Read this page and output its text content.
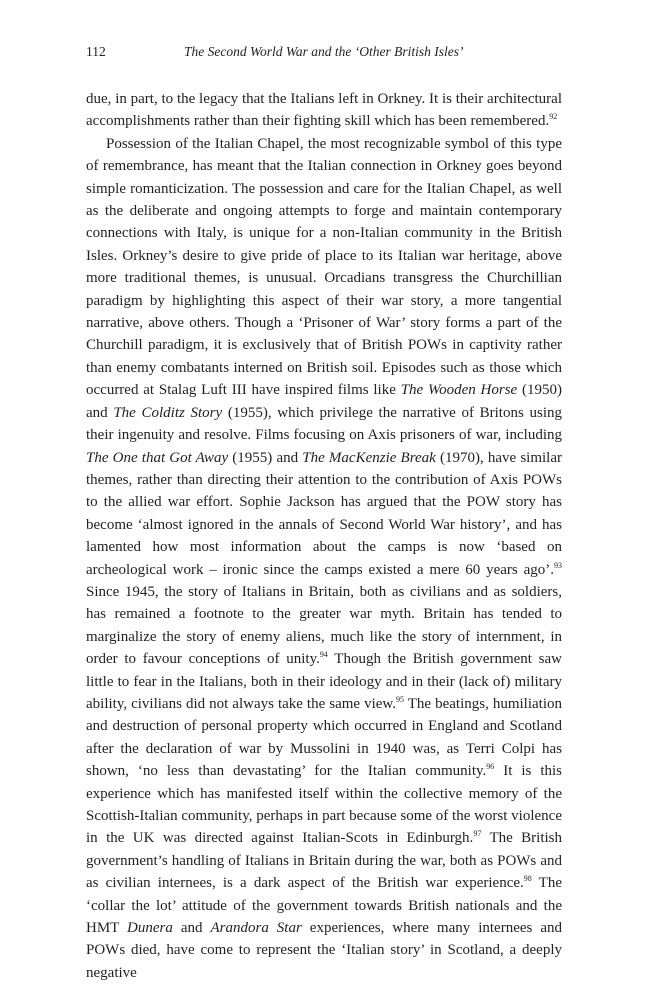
112	The Second World War and the ‘Other British Isles’

due, in part, to the legacy that the Italians left in Orkney. It is their architectural accomplishments rather than their fighting skill which has been remembered.$^{92}$

Possession of the Italian Chapel, the most recognizable symbol of this type of remembrance, has meant that the Italian connection in Orkney goes beyond simple romanticization. The possession and care for the Italian Chapel, as well as the deliberate and ongoing attempts to forge and maintain contemporary connections with Italy, is unique for a non-Italian community in the British Isles. Orkney’s desire to give pride of place to its Italian war heritage, above more traditional themes, is unusual. Orcadians transgress the Churchillian paradigm by highlighting this aspect of their war story, a more tangential narrative, above others. Though a ‘Prisoner of War’ story forms a part of the Churchill paradigm, it is exclusively that of British POWs in captivity rather than enemy combatants interned on British soil. Episodes such as those which occurred at Stalag Luft III have inspired films like The Wooden Horse (1950) and The Colditz Story (1955), which privilege the narrative of Britons using their ingenuity and resolve. Films focusing on Axis prisoners of war, including The One that Got Away (1955) and The MacKenzie Break (1970), have similar themes, rather than directing their attention to the contribution of Axis POWs to the allied war effort. Sophie Jackson has argued that the POW story has become ‘almost ignored in the annals of Second World War history’, and has lamented how most information about the camps is now ‘based on archeological work – ironic since the camps existed a mere 60 years ago’.$^{93}$ Since 1945, the story of Italians in Britain, both as civilians and as soldiers, has remained a footnote to the greater war myth. Britain has tended to marginalize the story of enemy aliens, much like the story of internment, in order to favour conceptions of unity.$^{94}$ Though the British government saw little to fear in the Italians, both in their ideology and in their (lack of) military ability, civilians did not always take the same view.$^{95}$ The beatings, humiliation and destruction of personal property which occurred in England and Scotland after the declaration of war by Mussolini in 1940 was, as Terri Colpi has shown, ‘no less than devastating’ for the Italian community.$^{96}$ It is this experience which has manifested itself within the collective memory of the Scottish-Italian community, perhaps in part because some of the worst violence in the UK was directed against Italian-Scots in Edinburgh.$^{97}$ The British government’s handling of Italians in Britain during the war, both as POWs and as civilian internees, is a dark aspect of the British war experience.$^{98}$ The ‘collar the lot’ attitude of the government towards British nationals and the HMT Dunera and Arandora Star experiences, where many internees and POWs died, have come to represent the ‘Italian story’ in Scotland, a deeply negative
